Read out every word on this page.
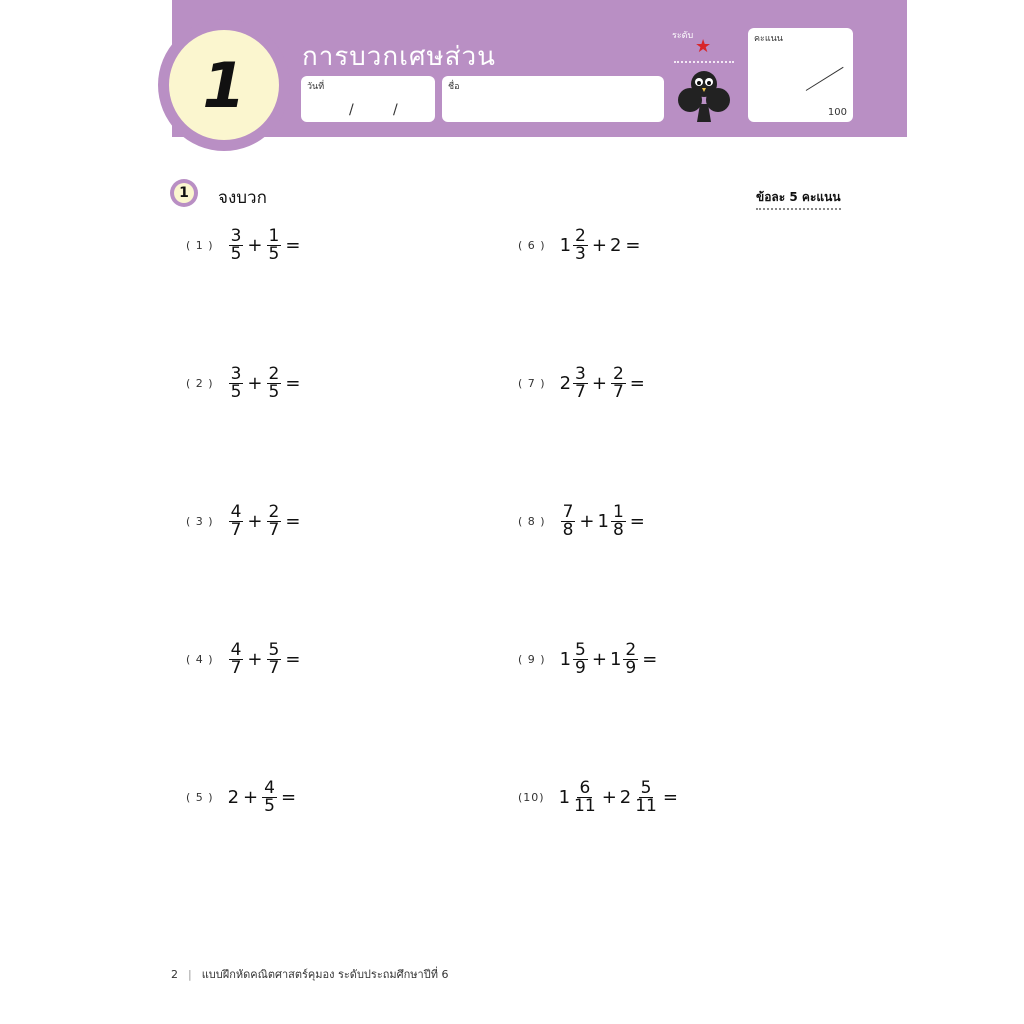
1 การบวกเศษส่วน
วันที่
/	/
ชื่อ
ระดับ ★	คะแนน
100
1	จงบวก	ข้อละ 5 คะแนน
( 1 ) $\frac{3}{5} + \frac{1}{5}$ =
( 2 ) $\frac{3}{5} + \frac{2}{5}$ =
( 3 ) $\frac{4}{7} + \frac{2}{7}$ =
( 4 ) $\frac{4}{7} + \frac{5}{7}$ =
( 5 ) $2 + \frac{4}{5}$ =
( 6 ) $1 \frac{2}{3} + 2$ =
( 7 ) $2 \frac{3}{7} + \frac{2}{7}$ =
( 8 ) $\frac{7}{8} + 1 \frac{1}{8}$ =
( 9 ) $1 \frac{5}{9} + 1 \frac{2}{9}$ =
(10) $1 \frac{6}{11} + 2 \frac{5}{11}$ =
2 | แบบฝึกหัดคณิตศาสตร์คุมอง ระดับประถมศึกษาปีที่ 6
